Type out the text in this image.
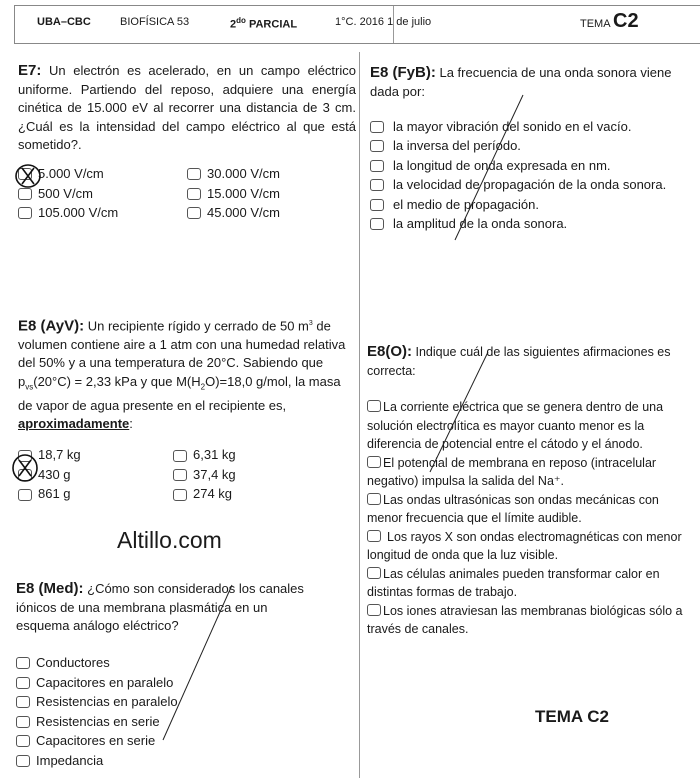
UBA–CBC	BIOFÍSICA 53	$2^{do}$ PARCIAL	1°C. 2016 1 de julio	TEMA C2
E7: Un electrón es acelerado, en un campo eléctrico uniforme. Partiendo del reposo, adquiere una energía cinética de 15.000 eV al recorrer una distancia de 3 cm. ¿Cuál es la intensidad del campo eléctrico al que está sometido?.
5.000 V/cm
500 V/cm
105.000 V/cm
30.000 V/cm
15.000 V/cm
45.000 V/cm
E8 (AyV): Un recipiente rígido y cerrado de 50 $m^3$ de volumen contiene aire a 1 atm con una humedad relativa del 50% y a una temperatura de 20°C. Sabiendo que $p_{vs}(20^\circ C) = 2,33$ kPa y que $M(H_2O)=18,0$ g/mol, la masa de vapor de agua presente en el recipiente es, aproximadamente:
18,7 kg
430 g
861 g
6,31 kg
37,4 kg
274 kg
Altillo.com
E8 (Med): ¿Cómo son considerados los canales iónicos de una membrana plasmática en un esquema análogo eléctrico?
Conductores
Capacitores en paralelo
Resistencias en paralelo
Resistencias en serie
Capacitores en serie
Impedancia
E8 (FyB): La frecuencia de una onda sonora viene dada por:
la mayor vibración del sonido en el vacío.
la inversa del período.
la longitud de onda expresada en nm.
la velocidad de propagación de la onda sonora.
el medio de propagación.
la amplitud de la onda sonora.
E8(O): Indique cuál de las siguientes afirmaciones es correcta:
La corriente eléctrica que se genera dentro de una solución electrolítica es mayor cuanto menor es la diferencia de potencial entre el cátodo y el ánodo.
El potencial de membrana en reposo (intracelular negativo) impulsa la salida del Na⁺.
Las ondas ultrasónicas son ondas mecánicas con menor frecuencia que el límite audible.
Los rayos X son ondas electromagnéticas con menor longitud de onda que la luz visible.
Las células animales pueden transformar calor en distintas formas de trabajo.
Los iones atraviesan las membranas biológicas sólo a través de canales.
TEMA C2
